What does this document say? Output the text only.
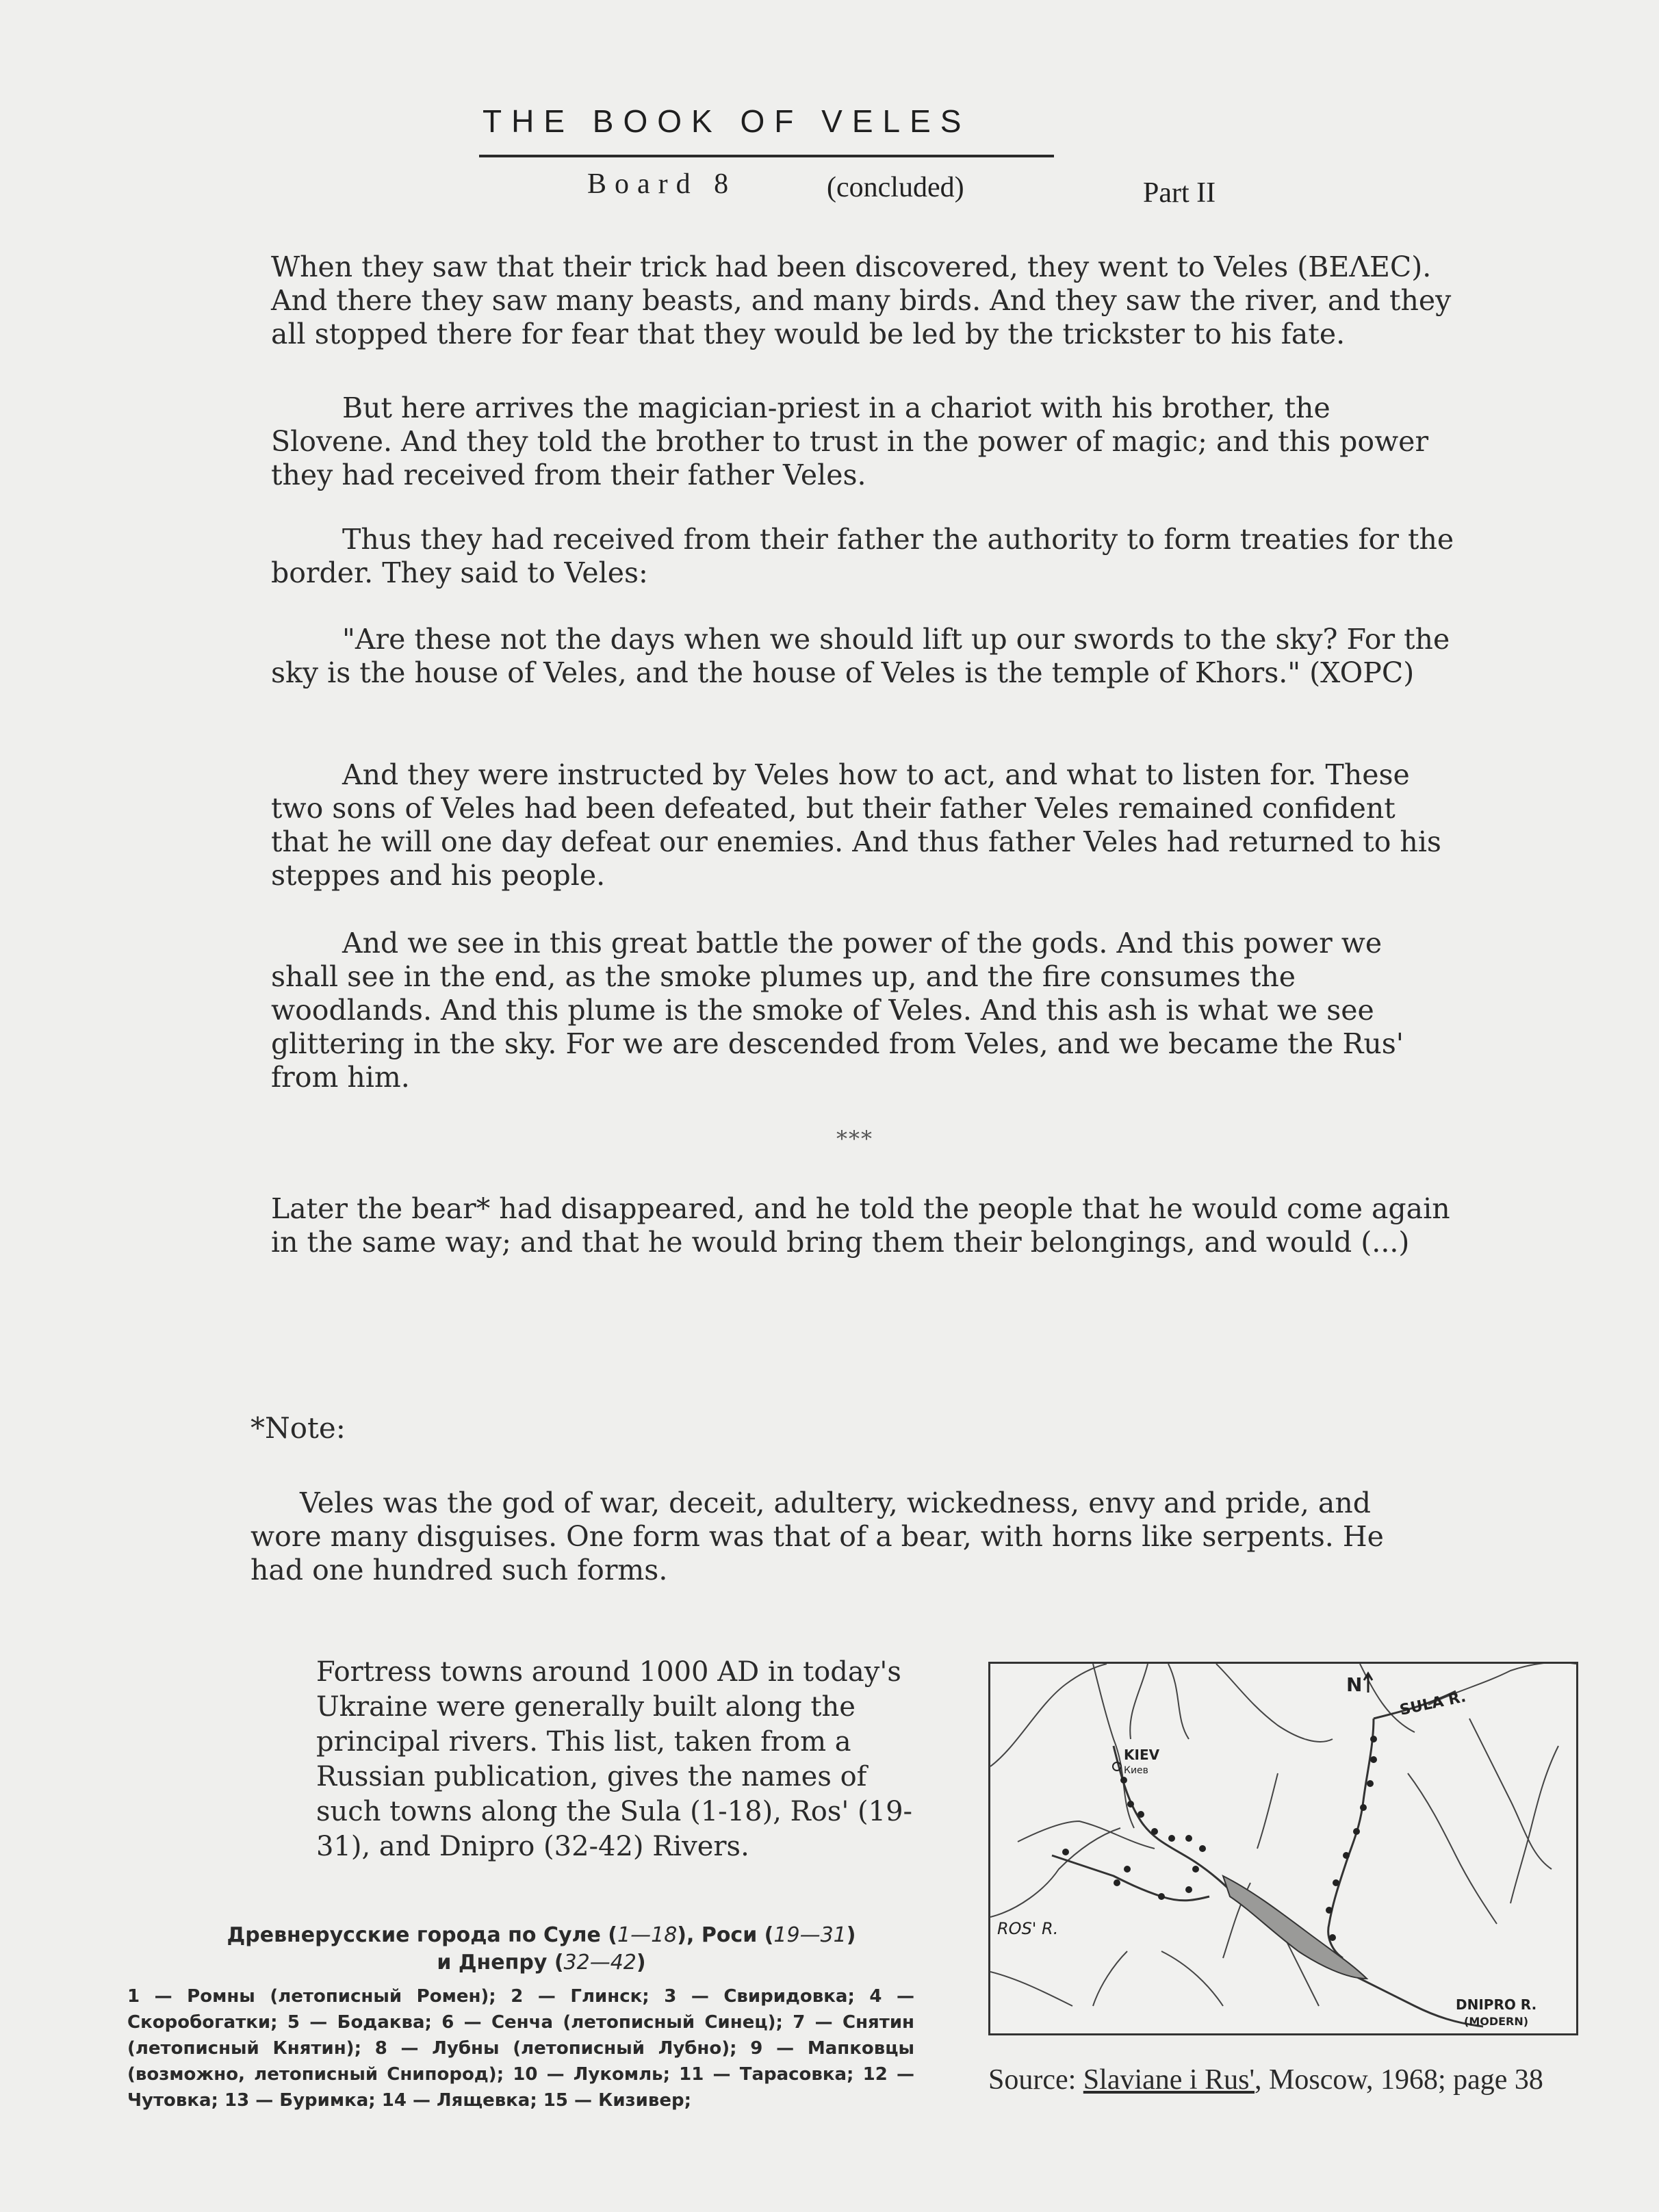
THE BOOK OF VELES
Board 8	(concluded)	Part II

When they saw that their trick had been discovered, they went to Veles (BEɅEC). And there they saw many beasts, and many birds. And they saw the river, and they all stopped there for fear that they would be led by the trickster to his fate.

But here arrives the magician-priest in a chariot with his brother, the Slovene. And they told the brother to trust in the power of magic; and this power they had received from their father Veles.

Thus they had received from their father the authority to form treaties for the border. They said to Veles:

"Are these not the days when we should lift up our swords to the sky? For the sky is the house of Veles, and the house of Veles is the temple of Khors." (XOPC)

And they were instructed by Veles how to act, and what to listen for. These two sons of Veles had been defeated, but their father Veles remained confident that he will one day defeat our enemies. And thus father Veles had returned to his steppes and his people.

And we see in this great battle the power of the gods. And this power we shall see in the end, as the smoke plumes up, and the fire consumes the woodlands. And this plume is the smoke of Veles. And this ash is what we see glittering in the sky. For we are descended from Veles, and we became the Rus' from him.

***

Later the bear* had disappeared, and he told the people that he would come again in the same way; and that he would bring them their belongings, and would (...)

*Note:

Veles was the god of war, deceit, adultery, wickedness, envy and pride, and wore many disguises. One form was that of a bear, with horns like serpents. He had one hundred such forms.

Fortress towns around 1000 AD in today's Ukraine were generally built along the principal rivers. This list, taken from a Russian publication, gives the names of such towns along the Sula (1-18), Ros' (19-31), and Dnipro (32-42) Rivers.

Древнерусские города по Суле (1—18), Роси (19—31)
и Днепру (32—42)

1 — Ромны (летописный Ромен); 2 — Глинск; 3 — Свиридовка; 4 — Скоробогатки; 5 — Бодаква; 6 — Сенча (летописный Синец); 7 — Снятин (летописный Княтин); 8 — Лубны (летописный Лубно); 9 — Мапковцы (возможно, летописный Снипород); 10 — Лукомль; 11 — Тарасовка; 12 — Чутовка; 13 — Буримка; 14 — Лящевка; 15 — Кизивер;

KIEV
Киев
N
SULA R.
ROS' R.
DNIPRO R.
(MODERN)
Source: Slaviane i Rus', Moscow, 1968; page 38
